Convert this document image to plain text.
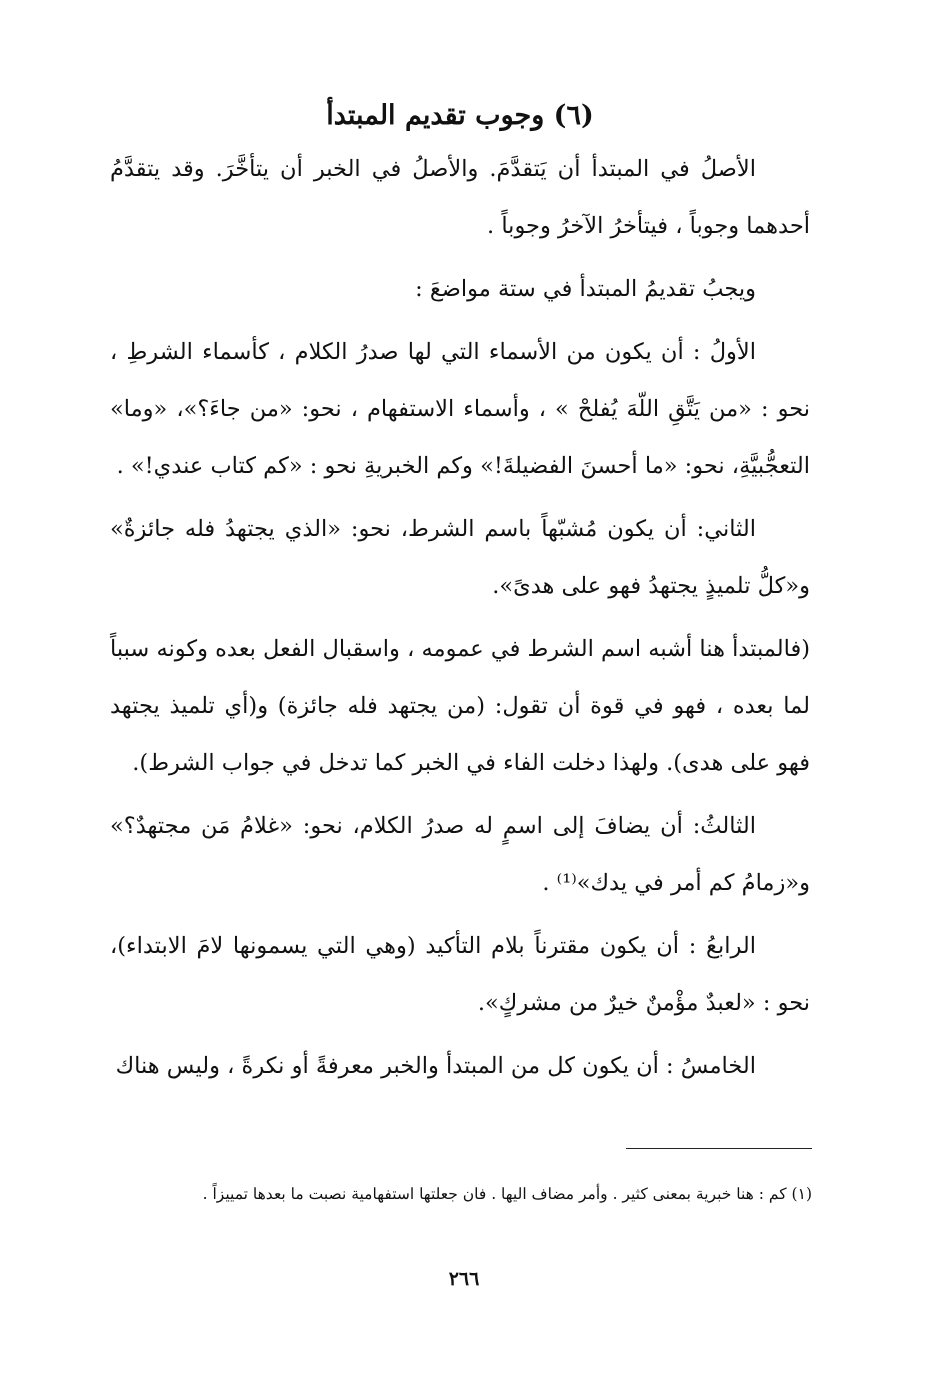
(٦) وجوب تقديم المبتدأ

الأصلُ في المبتدأ أن يَتقدَّمَ. والأصلُ في الخبر أن يتأخَّرَ. وقد يتقدَّمُ أحدهما وجوباً ، فيتأخرُ الآخرُ وجوباً .

ويجبُ تقديمُ المبتدأ في ستة مواضعَ :

الأولُ : أن يكون من الأسماء التي لها صدرُ الكلام ، كأسماء الشرطِ ، نحو : «من يَتَّقِ اللّهَ يُفلحْ » ، وأسماء الاستفهام ، نحو: «من جاءَ؟»، «وما» التعجُّبيَّةِ، نحو: «ما أحسنَ الفضيلةَ!» وكم الخبريةِ نحو : «كم كتاب عندي!» .

الثاني: أن يكون مُشبّهاً باسم الشرط، نحو: «الذي يجتهدُ فله جائزةٌ» و«كلُّ تلميذٍ يجتهدُ فهو على هدىً».

(فالمبتدأ هنا أشبه اسم الشرط في عمومه ، واسقبال الفعل بعده وكونه سبباً لما بعده ، فهو في قوة أن تقول: (من يجتهد فله جائزة) و(أي تلميذ يجتهد فهو على هدى). ولهذا دخلت الفاء في الخبر كما تدخل في جواب الشرط).

الثالثُ: أن يضافَ إلى اسمٍ له صدرُ الكلام، نحو: «غلامُ مَن مجتهدٌ؟» و«زمامُ كم أمر في يدك»⁽¹⁾ .

الرابعُ : أن يكون مقترناً بلام التأكيد (وهي التي يسمونها لامَ الابتداء)، نحو : «لعبدٌ مؤْمنٌ خيرٌ من مشركٍ».

الخامسُ : أن يكون كل من المبتدأ والخبر معرفةً أو نكرةً ، وليس هناك

(١) كم : هنا خبرية بمعنى كثير . وأمر مضاف اليها . فان جعلتها استفهامية نصبت ما بعدها تمييزاً .

٢٦٦
